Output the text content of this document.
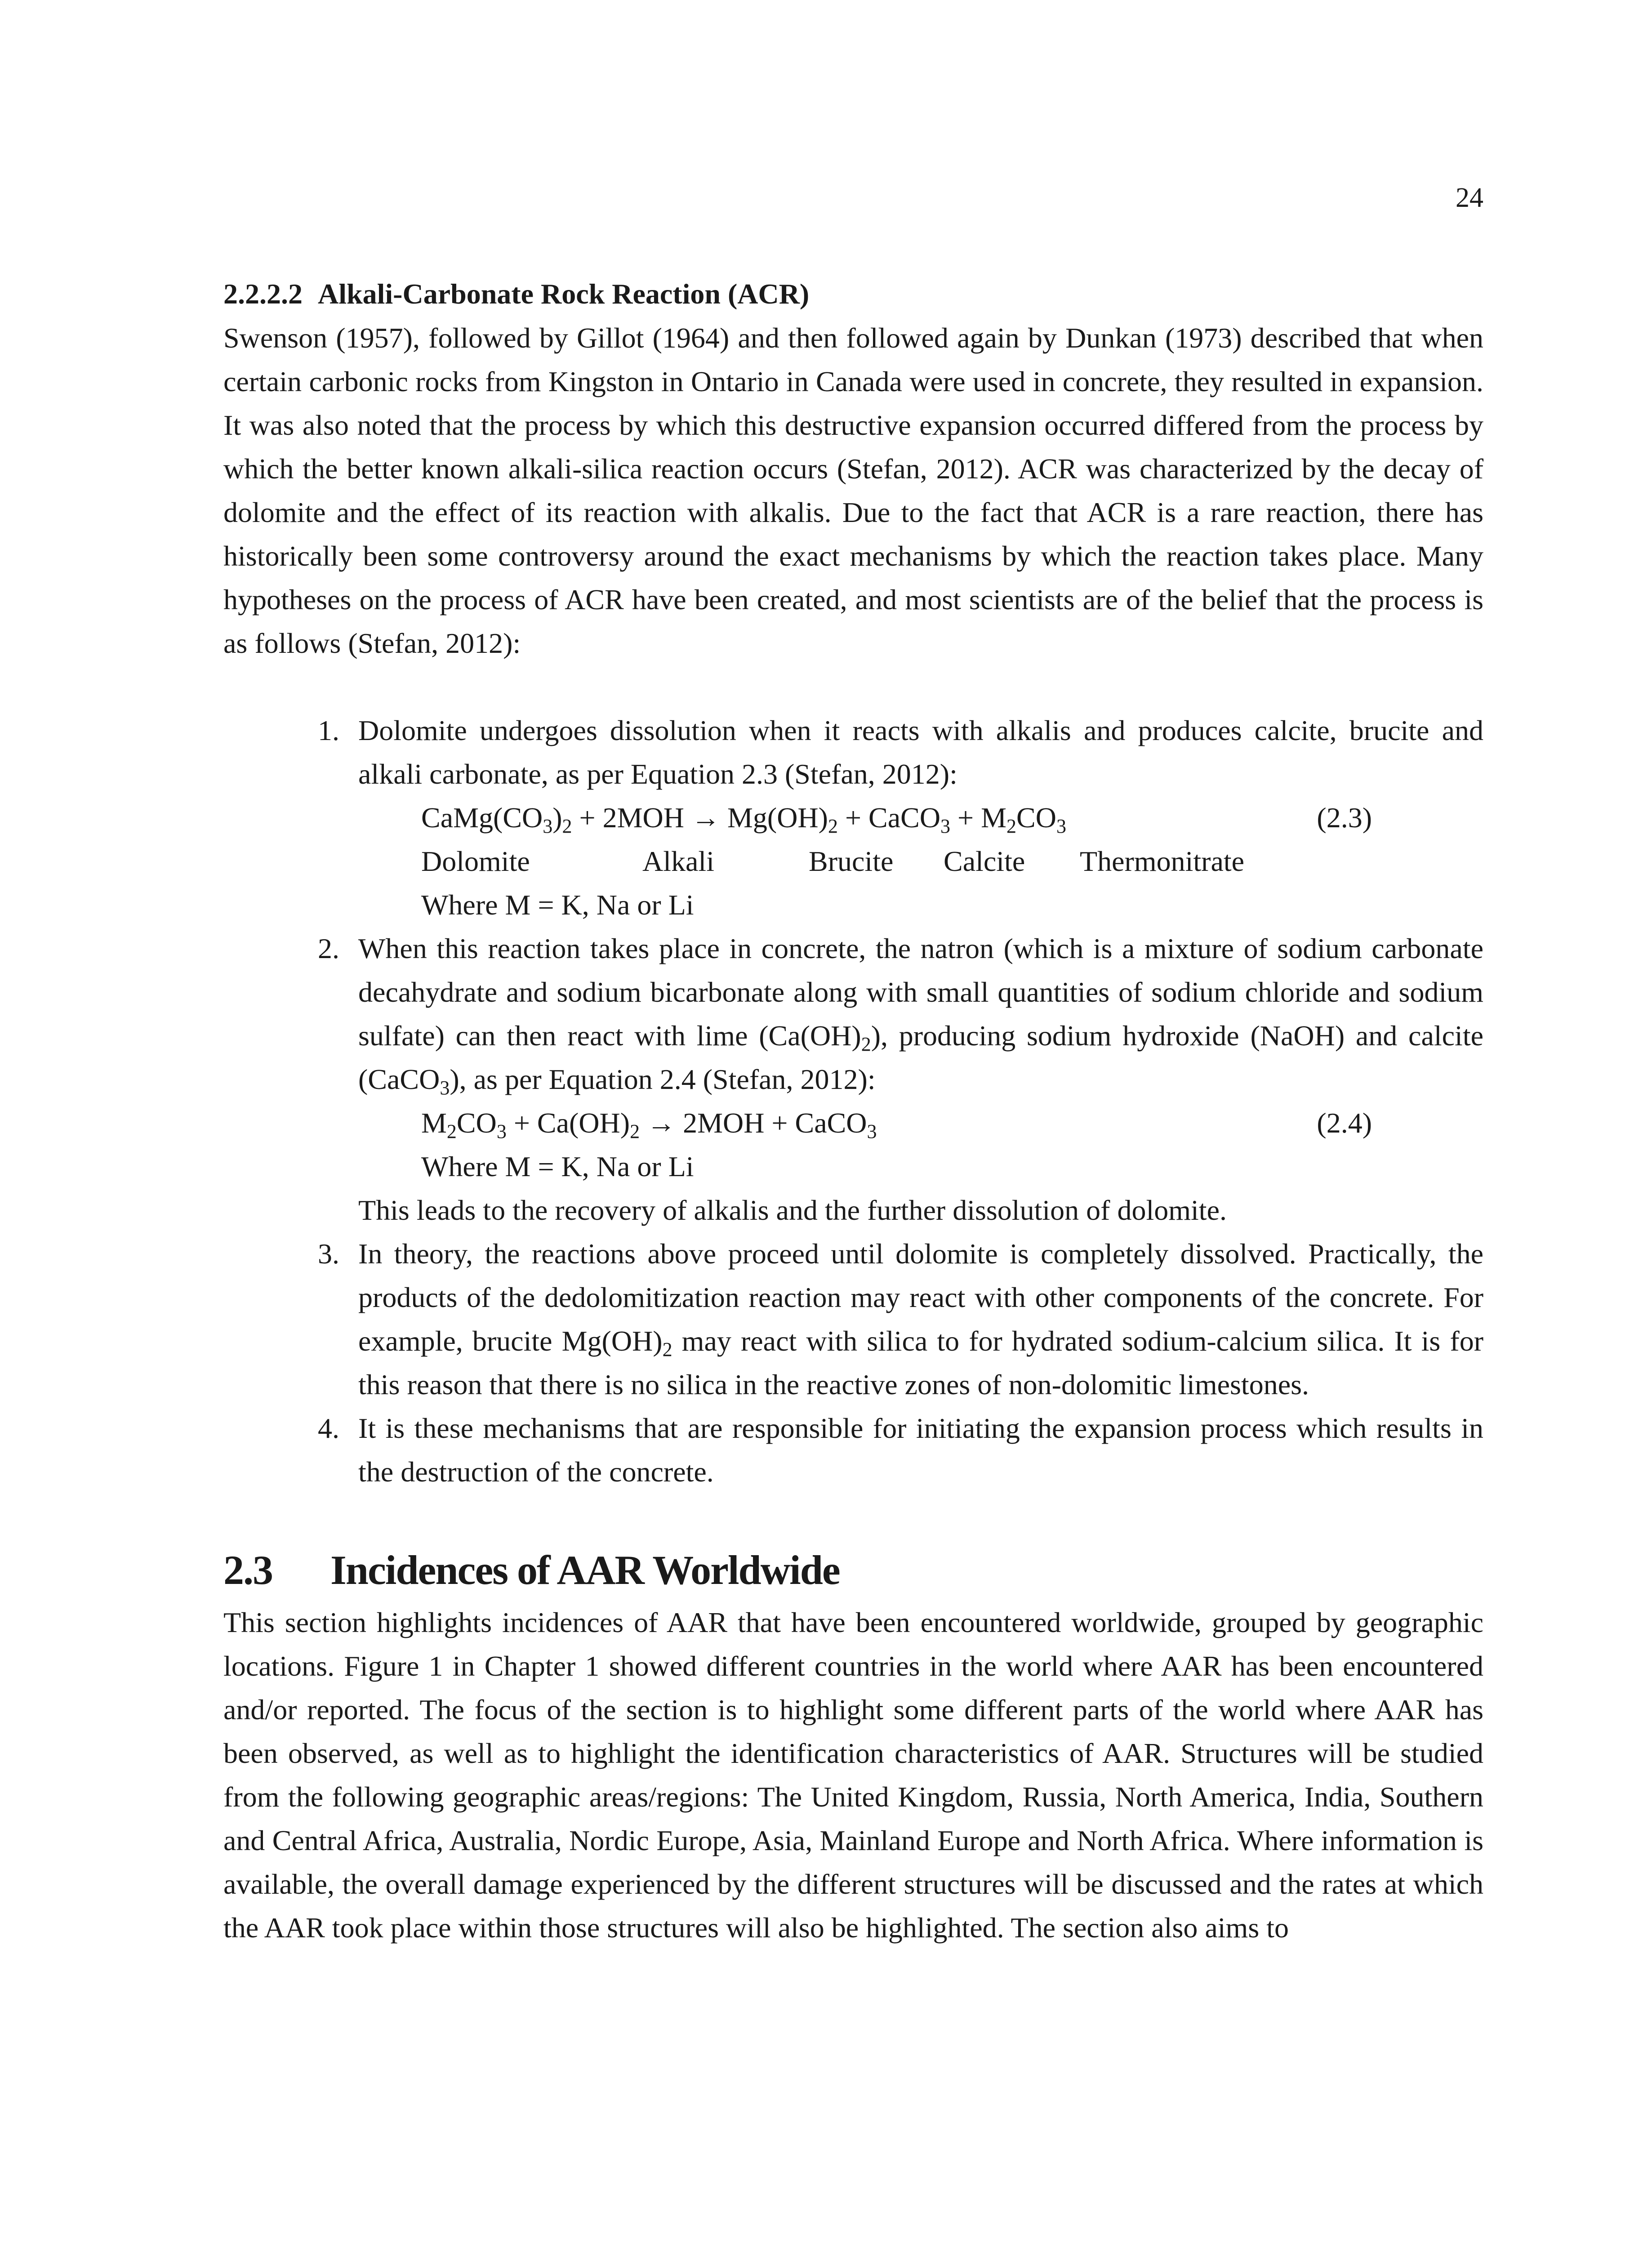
24
2.2.2.2 Alkali-Carbonate Rock Reaction (ACR)

Swenson (1957), followed by Gillot (1964) and then followed again by Dunkan (1973) described that when certain carbonic rocks from Kingston in Ontario in Canada were used in concrete, they resulted in expansion. It was also noted that the process by which this destructive expansion occurred differed from the process by which the better known alkali-silica reaction occurs (Stefan, 2012). ACR was characterized by the decay of dolomite and the effect of its reaction with alkalis. Due to the fact that ACR is a rare reaction, there has historically been some controversy around the exact mechanisms by which the reaction takes place. Many hypotheses on the process of ACR have been created, and most scientists are of the belief that the process is as follows (Stefan, 2012):

1. Dolomite undergoes dissolution when it reacts with alkalis and produces calcite, brucite and alkali carbonate, as per Equation 2.3 (Stefan, 2012):
$CaMg(CO_3)_2 + 2MOH \to Mg(OH)_2$ + CaCO$_3$ + $M_2CO_3$	(2.3)
Dolomite	Alkali	Brucite Calcite Thermonitrate
Where M = K, Na or Li
2. When this reaction takes place in concrete, the natron (which is a mixture of sodium carbonate decahydrate and sodium bicarbonate along with small quantities of sodium chloride and sodium sulfate) can then react with lime $(Ca(OH)_2)$, producing sodium hydroxide (NaOH) and calcite (CaCO$_3$), as per Equation 2.4 (Stefan, 2012):
$M_2CO_3 + Ca(OH)_2 \to 2MOH$ + CaCO$_3$	(2.4)
Where M = K, Na or Li
This leads to the recovery of alkalis and the further dissolution of dolomite.
3. In theory, the reactions above proceed until dolomite is completely dissolved. Practically, the products of the dedolomitization reaction may react with other components of the concrete. For example, brucite $Mg(OH)_2$ may react with silica to for hydrated sodium-calcium silica. It is for this reason that there is no silica in the reactive zones of non-dolomitic limestones.
4. It is these mechanisms that are responsible for initiating the expansion process which results in the destruction of the concrete.
2.3 Incidences of AAR Worldwide

This section highlights incidences of AAR that have been encountered worldwide, grouped by geographic locations. Figure 1 in Chapter 1 showed different countries in the world where AAR has been encountered and/or reported. The focus of the section is to highlight some different parts of the world where AAR has been observed, as well as to highlight the identification characteristics of AAR. Structures will be studied from the following geographic areas/regions: The United Kingdom, Russia, North America, India, Southern and Central Africa, Australia, Nordic Europe, Asia, Mainland Europe and North Africa. Where information is available, the overall damage experienced by the different structures will be discussed and the rates at which the AAR took place within those structures will also be highlighted. The section also aims to
